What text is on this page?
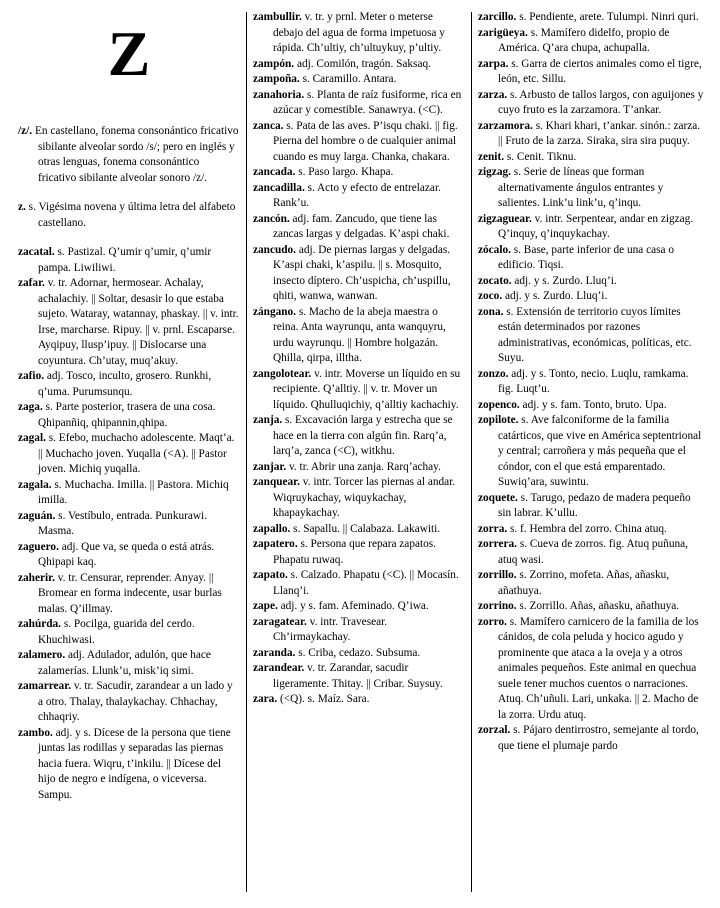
Z

/z/. En castellano, fonema consonántico fricativo sibilante alveolar sordo /s/; pero en inglés y otras lenguas, fonema consonántico fricativo sibilante alveolar sonoro /z/.

z. s. Vigésima novena y última letra del alfabeto castellano.

zacatal. s. Pastizal. Q’umir q’umir, q’umir pampa. Liwiliwi.

zafar. v. tr. Adornar, hermosear. Achalay, achalachiy. || Soltar, desasir lo que estaba sujeto. Wataray, watannay, phaskay. || v. intr. Irse, marcharse. Ripuy. || v. prnl. Escaparse. Ayqipuy, llusp’ipuy. || Dislocarse una coyuntura. Ch’utay, muq’akuy.

zafio. adj. Tosco, inculto, grosero. Runkhi, q’uma. Purumsunqu.

zaga. s. Parte posterior, trasera de una cosa. Qhipanñiq, qhipannin,qhipa.

zagal. s. Efebo, muchacho adolescente. Maqt’a. || Muchacho joven. Yuqalla (<A). || Pastor joven. Michiq yuqalla.

zagala. s. Muchacha. Imilla. || Pastora. Michiq imilla.

zaguán. s. Vestíbulo, entrada. Punkurawi. Masma.

zaguero. adj. Que va, se queda o está atrás. Qhipapi kaq.

zaherir. v. tr. Censurar, reprender. Anyay. || Bromear en forma indecente, usar burlas malas. Q’illmay.

zahúrda. s. Pocilga, guarida del cerdo. Khuchiwasi.

zalamero. adj. Adulador, adulón, que hace zalamerías. Llunk’u, misk’iq simi.

zamarrear. v. tr. Sacudir, zarandear a un lado y a otro. Thalay, thalaykachay. Chhachay, chhaqriy.

zambo. adj. y s. Dícese de la persona que tiene juntas las rodillas y separadas las piernas hacia fuera. Wiqru, t’inkilu. || Dícese del hijo de negro e indígena, o viceversa. Sampu.

zambullir. v. tr. y prnl. Meter o meterse debajo del agua de forma impetuosa y rápida. Ch’ultiy, ch’ultuykuy, p’ultiy.

zampón. adj. Comilón, tragón. Saksaq.

zampoña. s. Caramillo. Antara.

zanahoria. s. Planta de raíz fusiforme, rica en azúcar y comestible. Sanawrya. (<C).

zanca. s. Pata de las aves. P’isqu chaki. || fig. Pierna del hombre o de cualquier animal cuando es muy larga. Chanka, chakara.

zancada. s. Paso largo. Khapa.

zancadilla. s. Acto y efecto de entrelazar. Rank’u.

zancón. adj. fam. Zancudo, que tiene las zancas largas y delgadas. K’aspi chaki.

zancudo. adj. De piernas largas y delgadas. K’aspi chaki, k’aspilu. || s. Mosquito, insecto díptero. Ch’uspicha, ch’uspillu, qhiti, wanwa, wanwan.

zángano. s. Macho de la abeja maestra o reina. Anta wayrunqu, anta wanquyru, urdu wayrunqu. || Hombre holgazán. Qhilla, qirpa, illtha.

zangolotear. v. intr. Moverse un líquido en su recipiente. Q’alltiy. || v. tr. Mover un líquido. Qhulluqichiy, q’alltiy kachachiy.

zanja. s. Excavación larga y estrecha que se hace en la tierra con algún fin. Rarq’a, larq’a, zanca (<C), witkhu.

zanjar. v. tr. Abrir una zanja. Rarq’achay.

zanquear. v. intr. Torcer las piernas al andar. Wiqruykachay, wiquykachay, khapaykachay.

zapallo. s. Sapallu. || Calabaza. Lakawiti.

zapatero. s. Persona que repara zapatos. Phapatu ruwaq.

zapato. s. Calzado. Phapatu (<C). || Mocasín. Llanq’i.

zape. adj. y s. fam. Afeminado. Q’iwa.

zaragatear. v. intr. Travesear. Ch’irmaykachay.

zaranda. s. Criba, cedazo. Subsuma.

zarandear. v. tr. Zarandar, sacudir ligeramente. Thitay. || Cribar. Suysuy.

zara. (<Q). s. Maíz. Sara.

zarcillo. s. Pendiente, arete. Tulumpi. Ninri quri.

zarigüeya. s. Mamífero didelfo, propio de América. Q’ara chupa, achupalla.

zarpa. s. Garra de ciertos animales como el tigre, león, etc. Sillu.

zarza. s. Arbusto de tallos largos, con aguijones y cuyo fruto es la zarzamora. T’ankar.

zarzamora. s. Khari khari, t’ankar. sinón.: zarza. || Fruto de la zarza. Siraka, sira sira puquy.

zenit. s. Cenit. Tiknu.

zigzag. s. Serie de líneas que forman alternativamente ángulos entrantes y salientes. Link’u link’u, q’inqu.

zigzaguear. v. intr. Serpentear, andar en zigzag. Q’inquy, q’inquykachay.

zócalo. s. Base, parte inferior de una casa o edificio. Tiqsi.

zocato. adj. y s. Zurdo. Lluq’i.

zoco. adj. y s. Zurdo. Lluq’i.

zona. s. Extensión de territorio cuyos límites están determinados por razones administrativas, económicas, políticas, etc. Suyu.

zonzo. adj. y s. Tonto, necio. Luqlu, ramkama. fig. Luqt’u.

zopenco. adj. y s. fam. Tonto, bruto. Upa.

zopilote. s. Ave falconiforme de la familia catárticos, que vive en América septentrional y central; carroñera y más pequeña que el cóndor, con el que está emparentado. Suwiq’ara, suwintu.

zoquete. s. Tarugo, pedazo de madera pequeño sin labrar. K’ullu.

zorra. s. f. Hembra del zorro. China atuq.

zorrera. s. Cueva de zorros. fig. Atuq puñuna, atuq wasi.

zorrillo. s. Zorrino, mofeta. Añas, añasku, añathuya.

zorrino. s. Zorrillo. Añas, añasku, añathuya.

zorro. s. Mamífero carnicero de la familia de los cánidos, de cola peluda y hocico agudo y prominente que ataca a la oveja y a otros animales pequeños. Este animal en quechua suele tener muchos cuentos o narraciones. Atuq. Ch’uñuli. Lari, unkaka. || 2. Macho de la zorra. Urdu atuq.

zorzal. s. Pájaro dentirrostro, semejante al tordo, que tiene el plumaje pardo
